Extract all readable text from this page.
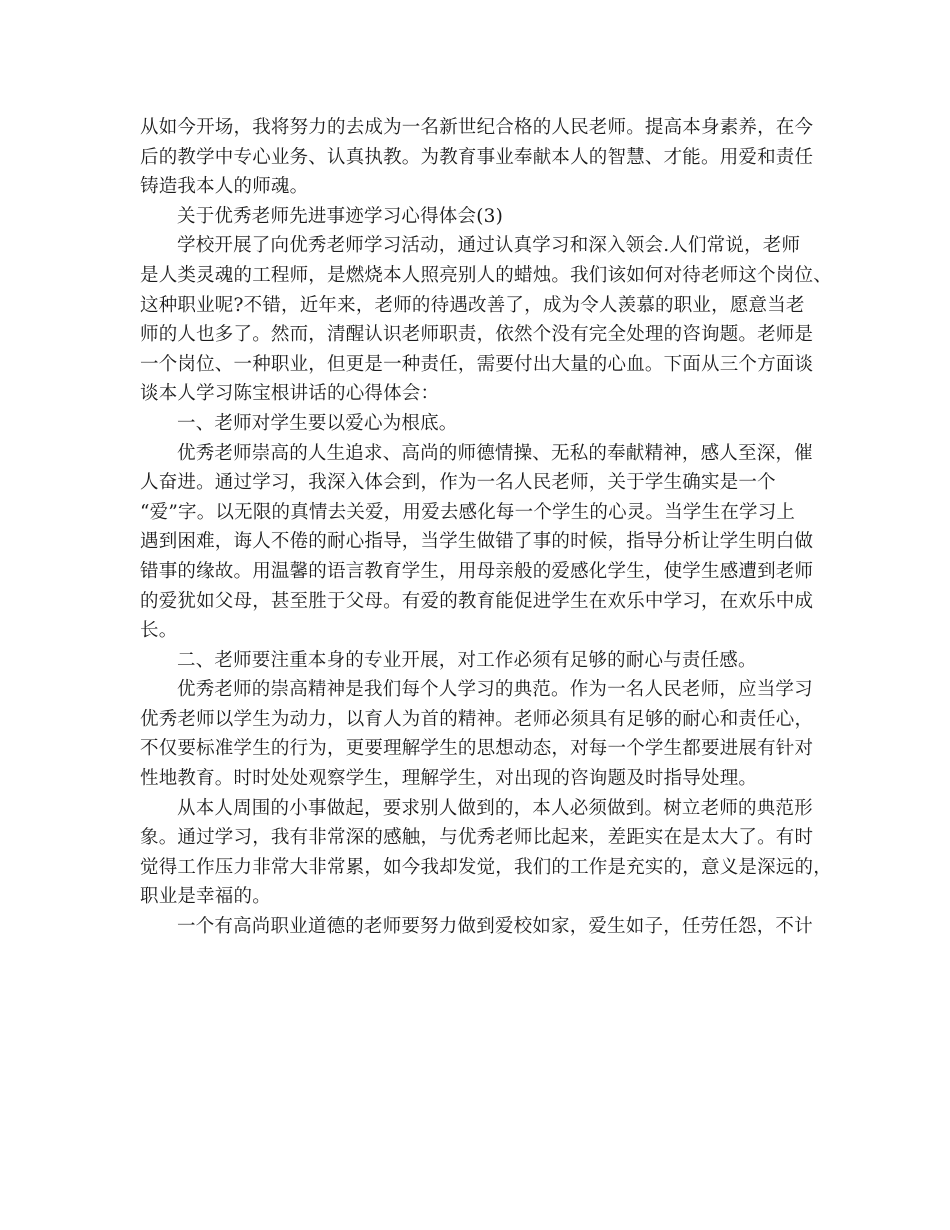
从如今开场，我将努力的去成为一名新世纪合格的人民老师。提高本身素养，在今
后的教学中专心业务、认真执教。为教育事业奉献本人的智慧、才能。用爱和责任
铸造我本人的师魂。
关于优秀老师先进事迹学习心得体会(3)
学校开展了向优秀老师学习活动，通过认真学习和深入领会.人们常说，老师
是人类灵魂的工程师，是燃烧本人照亮别人的蜡烛。我们该如何对待老师这个岗位、
这种职业呢?不错，近年来，老师的待遇改善了，成为令人羡慕的职业，愿意当老
师的人也多了。然而，清醒认识老师职责，依然个没有完全处理的咨询题。老师是
一个岗位、一种职业，但更是一种责任，需要付出大量的心血。下面从三个方面谈
谈本人学习陈宝根讲话的心得体会：
一、老师对学生要以爱心为根底。
优秀老师崇高的人生追求、高尚的师德情操、无私的奉献精神，感人至深，催
人奋进。通过学习，我深入体会到，作为一名人民老师，关于学生确实是一个
“爱”字。以无限的真情去关爱，用爱去感化每一个学生的心灵。当学生在学习上
遇到困难，诲人不倦的耐心指导，当学生做错了事的时候，指导分析让学生明白做
错事的缘故。用温馨的语言教育学生，用母亲般的爱感化学生，使学生感遭到老师
的爱犹如父母，甚至胜于父母。有爱的教育能促进学生在欢乐中学习，在欢乐中成
长。
二、老师要注重本身的专业开展，对工作必须有足够的耐心与责任感。
优秀老师的崇高精神是我们每个人学习的典范。作为一名人民老师，应当学习
优秀老师以学生为动力，以育人为首的精神。老师必须具有足够的耐心和责任心，
不仅要标准学生的行为，更要理解学生的思想动态，对每一个学生都要进展有针对
性地教育。时时处处观察学生，理解学生，对出现的咨询题及时指导处理。
从本人周围的小事做起，要求别人做到的，本人必须做到。树立老师的典范形
象。通过学习，我有非常深的感触，与优秀老师比起来，差距实在是太大了。有时
觉得工作压力非常大非常累，如今我却发觉，我们的工作是充实的，意义是深远的，
职业是幸福的。
一个有高尚职业道德的老师要努力做到爱校如家，爱生如子，任劳任怨，不计
